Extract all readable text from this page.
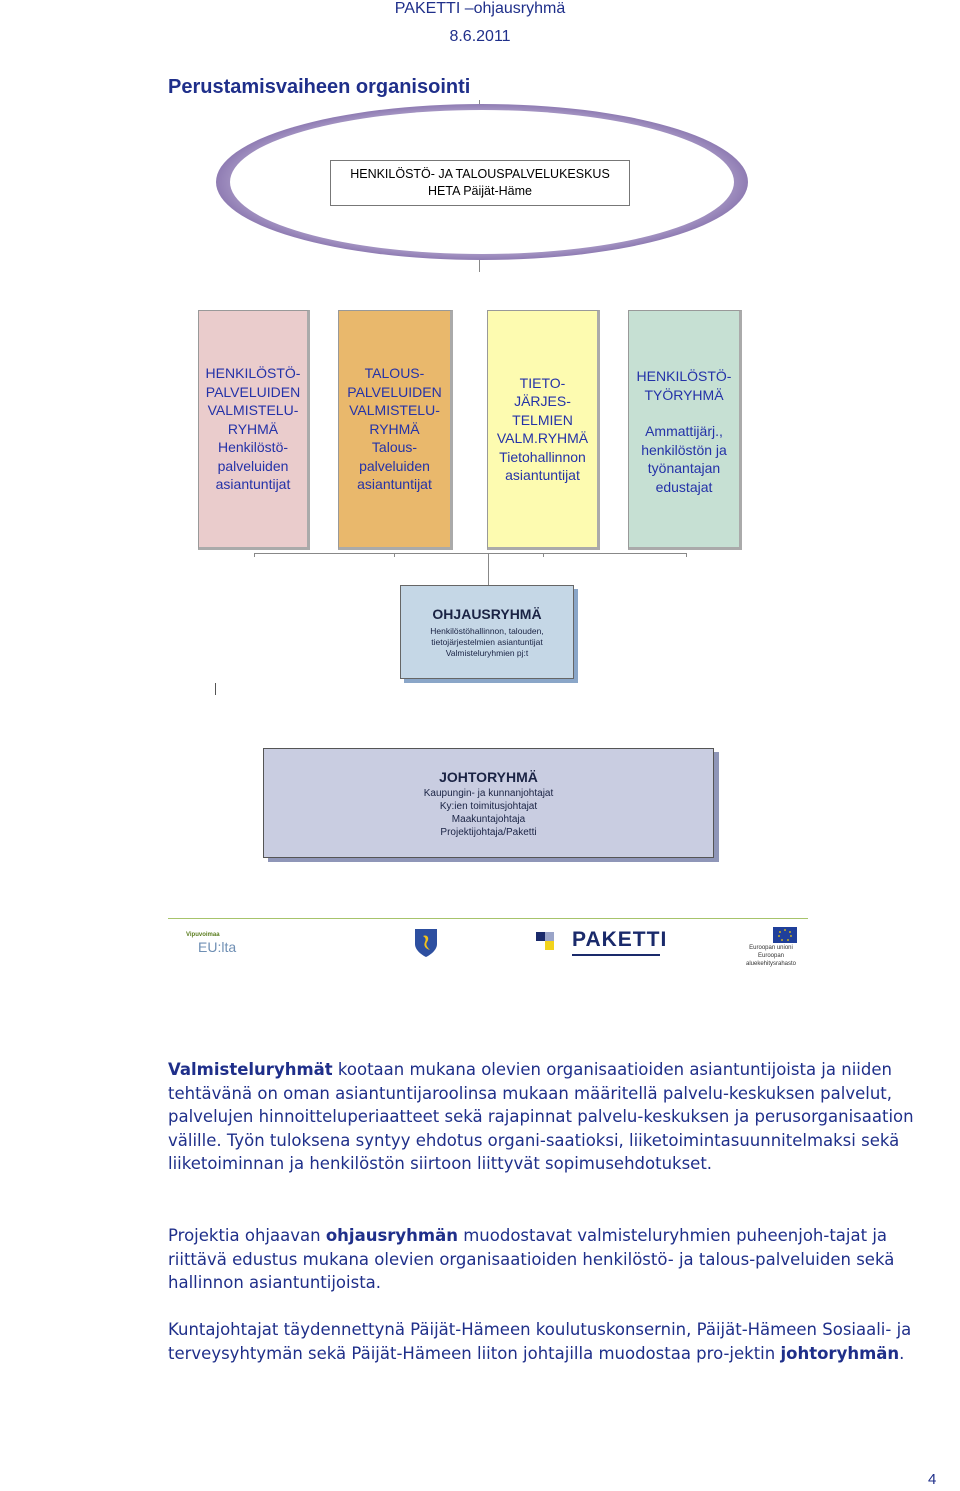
PAKETTI –ohjausryhmä
8.6.2011
Perustamisvaiheen organisointi
HENKILÖSTÖ- JA TALOUSPALVELUKESKUS
HETA Päijät-Häme
HENKILÖSTÖ-
PALVELUIDEN
VALMISTELU-
RYHMÄ
Henkilöstö-
palveluiden
asiantuntijat
TALOUS-
PALVELUIDEN
VALMISTELU-
RYHMÄ
Talous-
palveluiden
asiantuntijat
TIETO-
JÄRJES-
TELMIEN
VALM.RYHMÄ
Tietohallinnon
asiantuntijat
HENKILÖSTÖ-
TYÖRYHMÄ
Ammattijärj.,
henkilöstön ja
työnantajan
edustajat
OHJAUSRYHMÄ
Henkilöstöhallinnon, talouden,
tietojärjestelmien asiantuntijat
Valmisteluryhmien pj:t
JOHTORYHMÄ
Kaupungin- ja kunnanjohtajat
Ky:ien toimitusjohtajat
Maakuntajohtaja
Projektijohtaja/Paketti
Vipuvoimaa
EU:lta	PAKETTI	Euroopan unioni
Euroopan aluekehitysrahasto
Valmisteluryhmät kootaan mukana olevien organisaatioiden asiantuntijoista ja niiden tehtävänä on oman asiantuntijaroolinsa mukaan määritellä palvelu-keskuksen palvelut, palvelujen hinnoitteluperiaatteet sekä rajapinnat palvelu-keskuksen ja perusorganisaation välille. Työn tuloksena syntyy ehdotus organi-saatioksi, liiketoimintasuunnitelmaksi sekä liiketoiminnan ja henkilöstön siirtoon liittyvät sopimusehdotukset.
Projektia ohjaavan ohjausryhmän muodostavat valmisteluryhmien puheenjoh-tajat ja riittävä edustus mukana olevien organisaatioiden henkilöstö- ja talous-palveluiden sekä hallinnon asiantuntijoista.
Kuntajohtajat täydennettynä Päijät-Hämeen koulutuskonsernin, Päijät-Hämeen Sosiaali- ja terveysyhtymän sekä Päijät-Hämeen liiton johtajilla muodostaa pro-jektin johtoryhmän.
4
